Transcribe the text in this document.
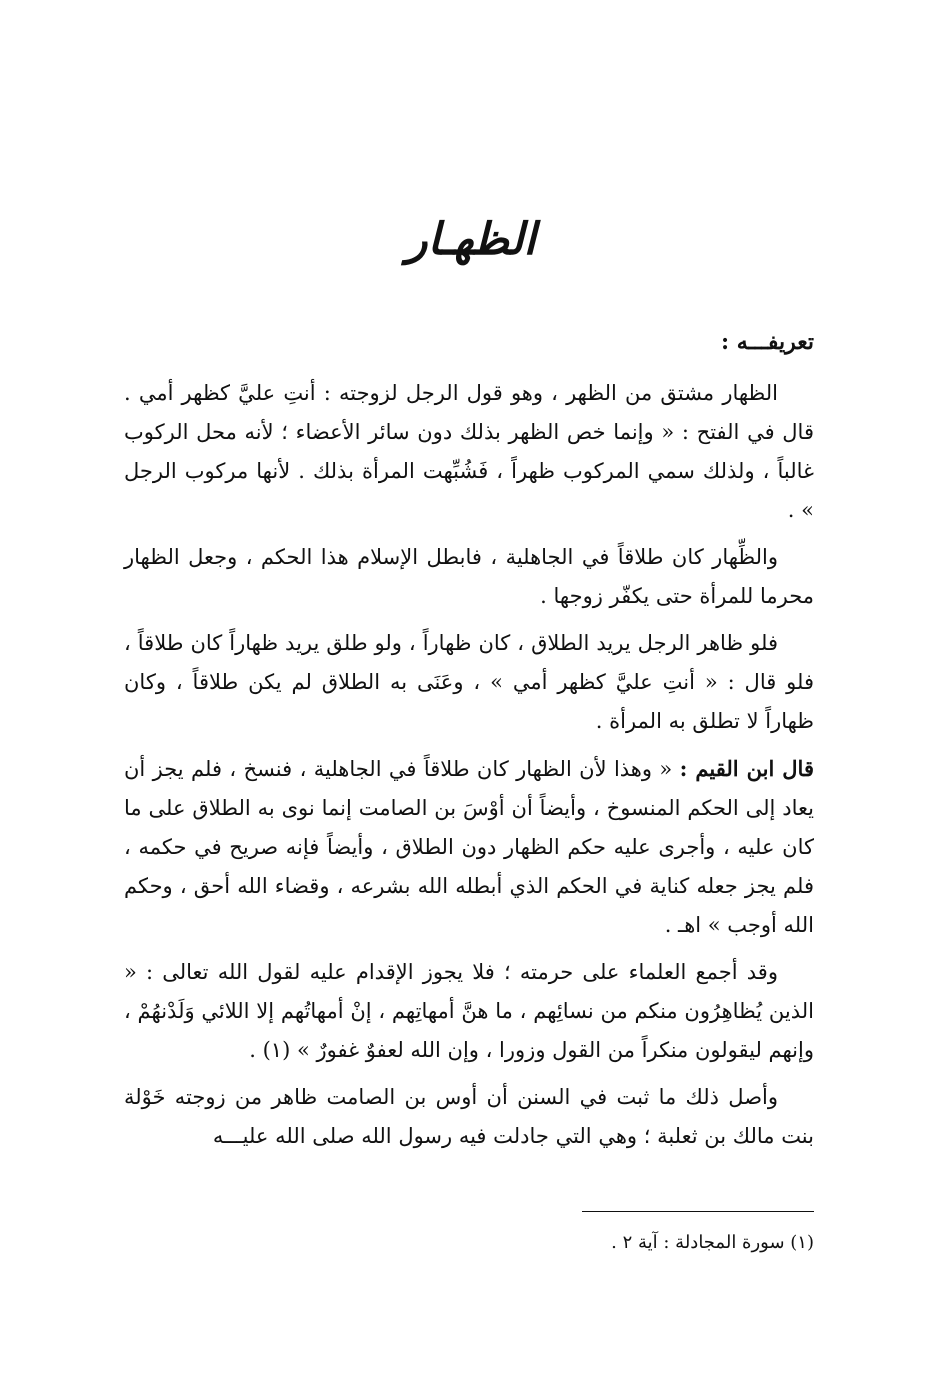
الظهـار
تعريفـــه :

الظهار مشتق من الظهر ، وهو قول الرجل لزوجته : أنتِ عليَّ كظهر أمي . قال في الفتح : « وإنما خص الظهر بذلك دون سائر الأعضاء ؛ لأنه محل الركوب غالباً ، ولذلك سمي المركوب ظهراً ، فَشُبِّهت المرأة بذلك . لأنها مركوب الرجل » .

والظِّهار كان طلاقاً في الجاهلية ، فابطل الإسلام هذا الحكم ، وجعل الظهار محرما للمرأة حتى يكفّر زوجها .

فلو ظاهر الرجل يريد الطلاق ، كان ظهاراً ، ولو طلق يريد ظهاراً كان طلاقاً ، فلو قال : « أنتِ عليَّ كظهر أمي » ، وعَنَى به الطلاق لم يكن طلاقاً ، وكان ظهاراً لا تطلق به المرأة .

قال ابن القيم : « وهذا لأن الظهار كان طلاقاً في الجاهلية ، فنسخ ، فلم يجز أن يعاد إلى الحكم المنسوخ ، وأيضاً أن أوْسَ بن الصامت إنما نوى به الطلاق على ما كان عليه ، وأجرى عليه حكم الظهار دون الطلاق ، وأيضاً فإنه صريح في حكمه ، فلم يجز جعله كناية في الحكم الذي أبطله الله بشرعه ، وقضاء الله أحق ، وحكم الله أوجب » اهـ .

وقد أجمع العلماء على حرمته ؛ فلا يجوز الإقدام عليه لقول الله تعالى : « الذين يُظاهِرُون منكم من نسائِهم ، ما هنَّ أمهاتِهم ، إنْ أمهاتُهم إلا اللائي وَلَدْنهُمْ ، وإنهم ليقولون منكراً من القول وزورا ، وإن الله لعفوٌ غفورٌ » (١) .

وأصل ذلك ما ثبت في السنن أن أوس بن الصامت ظاهر من زوجته خَوْلة بنت مالك بن ثعلبة ؛ وهي التي جادلت فيه رسول الله صلى الله عليـــه

(١) سورة المجادلة : آية ٢ .
